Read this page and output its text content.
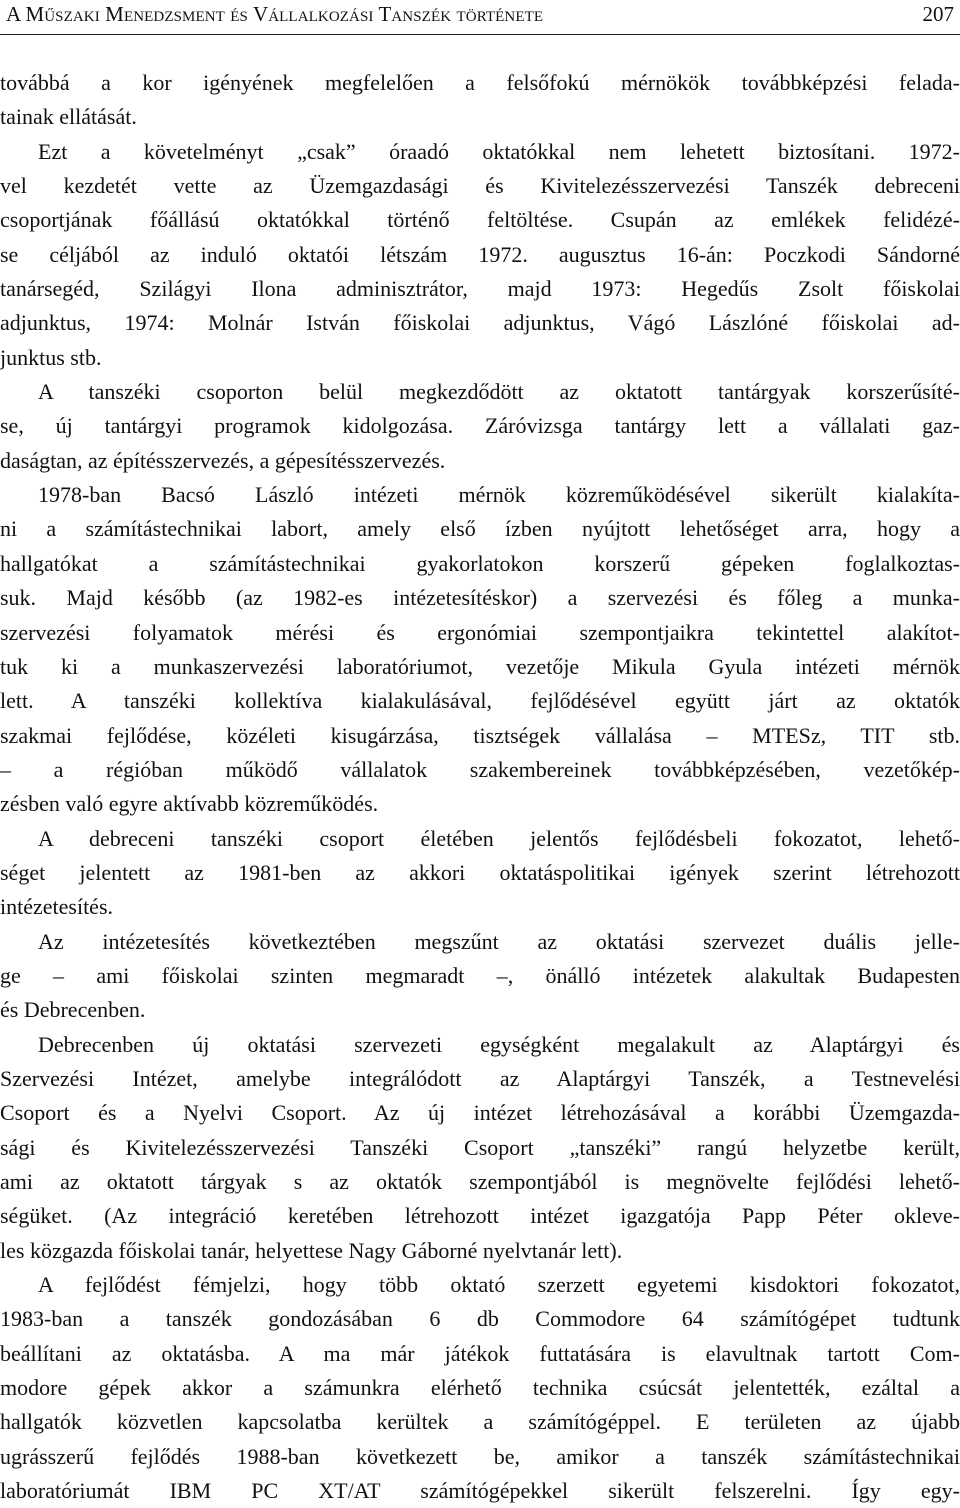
A Műszaki Menedzsment és Vállalkozási Tanszék története	207
továbbá a kor igényének megfelelően a felsőfokú mérnökök továbbképzési felada-
tainak ellátását.
Ezt a követelményt „csak” óraadó oktatókkal nem lehetett biztosítani. 1972-
vel kezdetét vette az Üzemgazdasági és Kivitelezésszervezési Tanszék debreceni
csoportjának főállású oktatókkal történő feltöltése. Csupán az emlékek felidézé-
se céljából az induló oktatói létszám 1972. augusztus 16-án: Poczkodi Sándorné
tanársegéd, Szilágyi Ilona adminisztrátor, majd 1973: Hegedűs Zsolt főiskolai
adjunktus, 1974: Molnár István főiskolai adjunktus, Vágó Lászlóné főiskolai ad-
junktus stb.
A tanszéki csoporton belül megkezdődött az oktatott tantárgyak korszerűsíté-
se, új tantárgyi programok kidolgozása. Záróvizsga tantárgy lett a vállalati gaz-
daságtan, az építésszervezés, a gépesítésszervezés.
1978-ban Bacsó László intézeti mérnök közreműködésével sikerült kialakíta-
ni a számítástechnikai labort, amely első ízben nyújtott lehetőséget arra, hogy a
hallgatókat a számítástechnikai gyakorlatokon korszerű gépeken foglalkoztas-
suk. Majd később (az 1982-es intézetesítéskor) a szervezési és főleg a munka-
szervezési folyamatok mérési és ergonómiai szempontjaikra tekintettel alakítot-
tuk ki a munkaszervezési laboratóriumot, vezetője Mikula Gyula intézeti mérnök
lett. A tanszéki kollektíva kialakulásával, fejlődésével együtt járt az oktatók
szakmai fejlődése, közéleti kisugárzása, tisztségek vállalása – MTESz, TIT stb.
– a régióban működő vállalatok szakembereinek továbbképzésében, vezetőkép-
zésben való egyre aktívabb közreműködés.
A debreceni tanszéki csoport életében jelentős fejlődésbeli fokozatot, lehető-
séget jelentett az 1981-ben az akkori oktatáspolitikai igények szerint létrehozott
intézetesítés.
Az intézetesítés következtében megszűnt az oktatási szervezet duális jelle-
ge – ami főiskolai szinten megmaradt –, önálló intézetek alakultak Budapesten
és Debrecenben.
Debrecenben új oktatási szervezeti egységként megalakult az Alaptárgyi és
Szervezési Intézet, amelybe integrálódott az Alaptárgyi Tanszék, a Testnevelési
Csoport és a Nyelvi Csoport. Az új intézet létrehozásával a korábbi Üzemgazda-
sági és Kivitelezésszervezési Tanszéki Csoport „tanszéki” rangú helyzetbe került,
ami az oktatott tárgyak s az oktatók szempontjából is megnövelte fejlődési lehető-
ségüket. (Az integráció keretében létrehozott intézet igazgatója Papp Péter okleve-
les közgazda főiskolai tanár, helyettese Nagy Gáborné nyelvtanár lett).
A fejlődést fémjelzi, hogy több oktató szerzett egyetemi kisdoktori fokozatot,
1983-ban a tanszék gondozásában 6 db Commodore 64 számítógépet tudtunk
beállítani az oktatásba. A ma már játékok futtatására is elavultnak tartott Com-
modore gépek akkor a számunkra elérhető technika csúcsát jelentették, ezáltal a
hallgatók közvetlen kapcsolatba kerültek a számítógéppel. E területen az újabb
ugrásszerű fejlődés 1988-ban következett be, amikor a tanszék számítástechnikai
laboratóriumát IBM PC XT/AT számítógépekkel sikerült felszerelni. Így egy-
